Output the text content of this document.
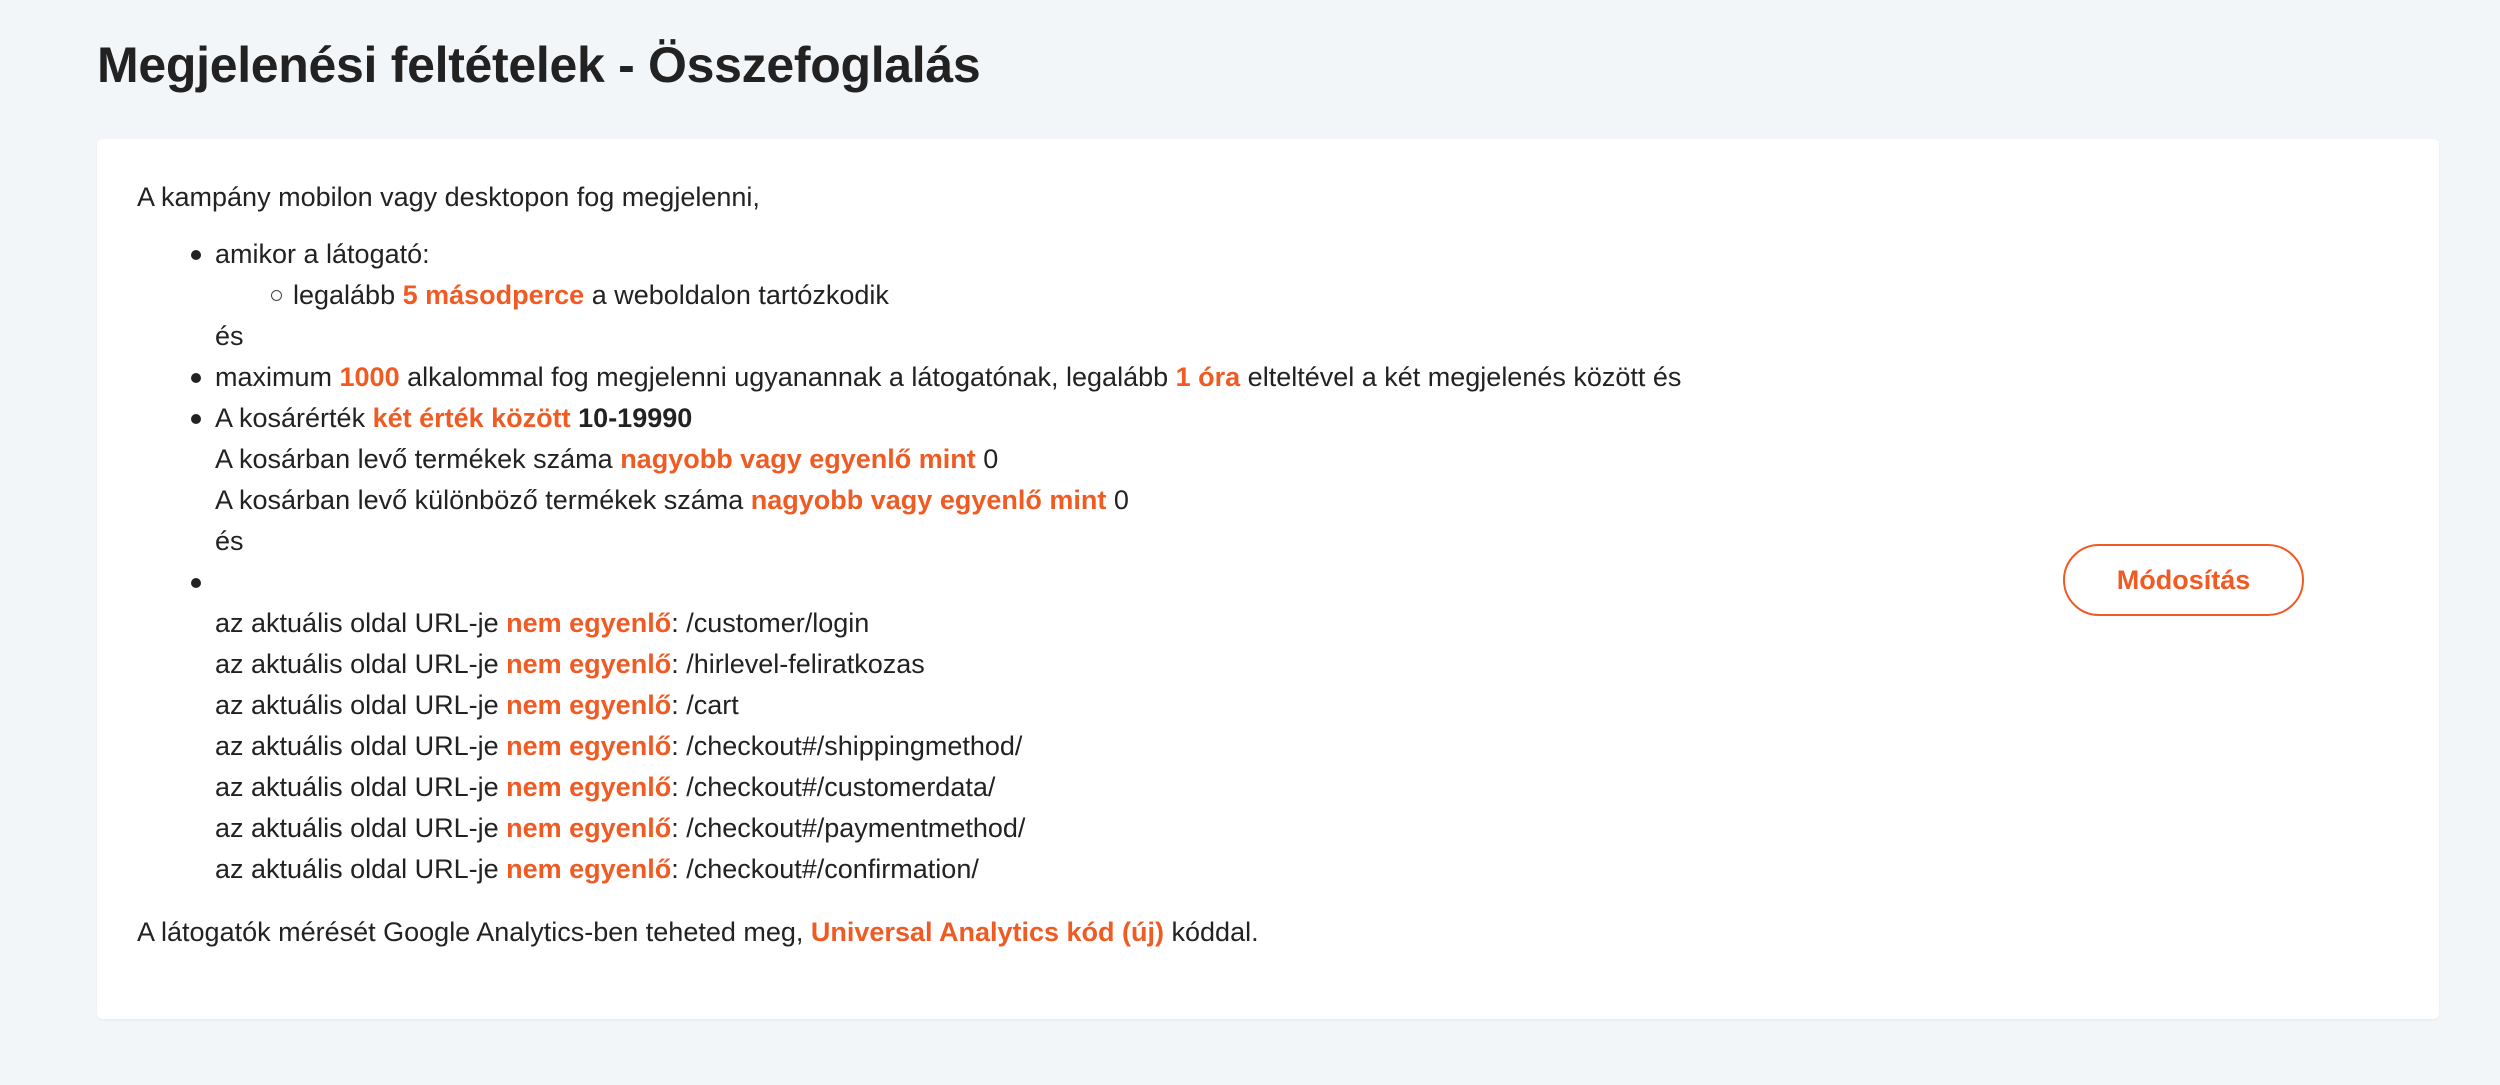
Megjelenési feltételek - Összefoglalás

A kampány mobilon vagy desktopon fog megjelenni,

amikor a látogató:
legalább 5 másodperce a weboldalon tartózkodik
és
maximum 1000 alkalommal fog megjelenni ugyanannak a látogatónak, legalább 1 óra elteltével a két megjelenés között és
A kosárérték két érték között 10-19990
A kosárban levő termékek száma nagyobb vagy egyenlő mint 0
A kosárban levő különböző termékek száma nagyobb vagy egyenlő mint 0
és
az aktuális oldal URL-je nem egyenlő: /customer/login
az aktuális oldal URL-je nem egyenlő: /hirlevel-feliratkozas
az aktuális oldal URL-je nem egyenlő: /cart
az aktuális oldal URL-je nem egyenlő: /checkout#/shippingmethod/
az aktuális oldal URL-je nem egyenlő: /checkout#/customerdata/
az aktuális oldal URL-je nem egyenlő: /checkout#/paymentmethod/
az aktuális oldal URL-je nem egyenlő: /checkout#/confirmation/

A látogatók mérését Google Analytics-ben teheted meg, Universal Analytics kód (új) kóddal.

Módosítás
